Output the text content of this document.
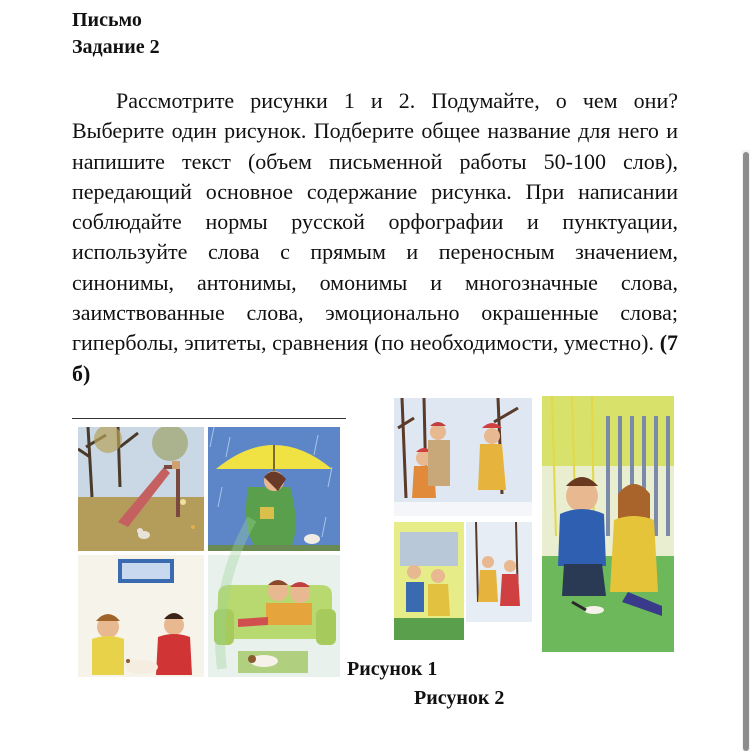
Письмо
Задание 2
Рассмотрите рисунки 1 и 2. Подумайте, о чем они? Выберите один рисунок. Подберите общее название для него и напишите текст (объем письменной работы 50-100 слов), передающий основное содержание рисунка. При написании соблюдайте нормы русской орфографии и пунктуации, используйте слова с прямым и переносным значением, синонимы, антонимы, омонимы и многозначные слова, заимствованные слова, эмоционально окрашенные слова; гиперболы, эпитеты, сравнения (по необходимости, уместно). (7 б)
Рисунок 1
Рисунок 2
